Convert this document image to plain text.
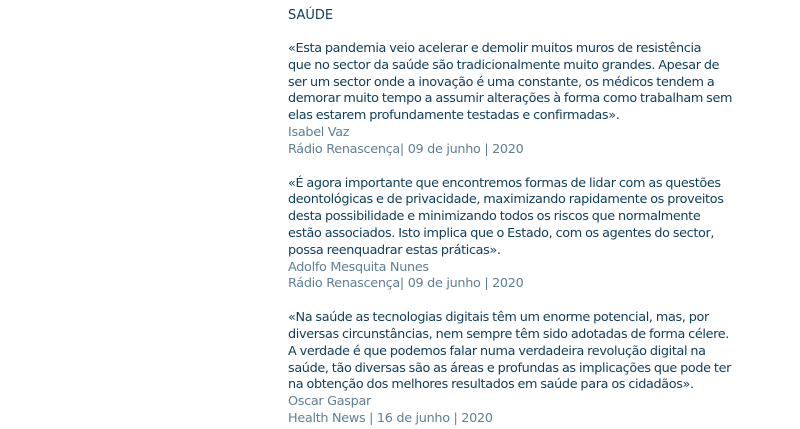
SAÚDE

«Esta pandemia veio acelerar e demolir muitos muros de resistência
que no sector da saúde são tradicionalmente muito grandes. Apesar de
ser um sector onde a inovação é uma constante, os médicos tendem a
demorar muito tempo a assumir alterações à forma como trabalham sem
elas estarem profundamente testadas e confirmadas».

Isabel Vaz
Rádio Renascença| 09 de junho | 2020

«É agora importante que encontremos formas de lidar com as questões
deontológicas e de privacidade, maximizando rapidamente os proveitos
desta possibilidade e minimizando todos os riscos que normalmente
estão associados. Isto implica que o Estado, com os agentes do sector,
possa reenquadrar estas práticas».

Adolfo Mesquita Nunes
Rádio Renascença| 09 de junho | 2020

«Na saúde as tecnologias digitais têm um enorme potencial, mas, por
diversas circunstâncias, nem sempre têm sido adotadas de forma célere.
A verdade é que podemos falar numa verdadeira revolução digital na
saúde, tão diversas são as áreas e profundas as implicações que pode ter
na obtenção dos melhores resultados em saúde para os cidadãos».

Oscar Gaspar
Health News | 16 de junho | 2020
